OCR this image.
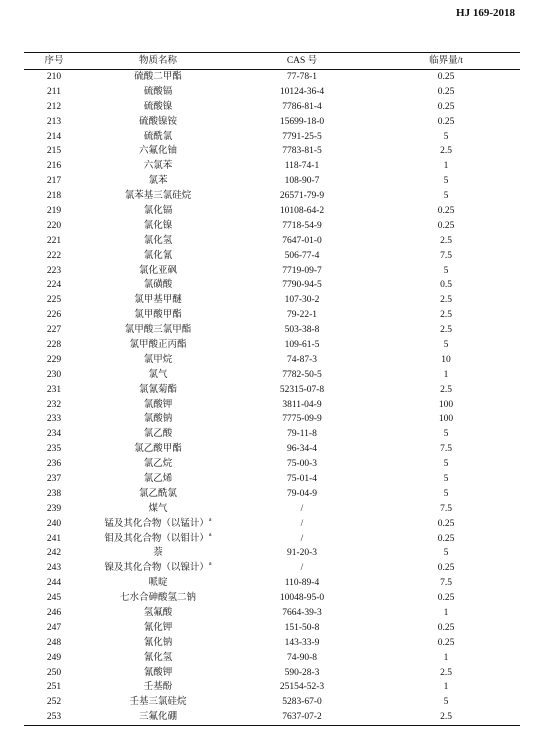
HJ 169-2018
序号	物质名称	CAS 号	临界量/t
210	硫酸二甲酯	77-78-1	0.25
211	硫酸镉	10124-36-4	0.25
212	硫酸镍	7786-81-4	0.25
213	硫酸镍铵	15699-18-0	0.25
214	硫酰氯	7791-25-5	5
215	六氟化铀	7783-81-5	2.5
216	六氯苯	118-74-1	1
217	氯苯	108-90-7	5
218	氯苯基三氯硅烷	26571-79-9	5
219	氯化镉	10108-64-2	0.25
220	氯化镍	7718-54-9	0.25
221	氯化氢	7647-01-0	2.5
222	氯化氰	506-77-4	7.5
223	氯化亚砜	7719-09-7	5
224	氯磺酸	7790-94-5	0.5
225	氯甲基甲醚	107-30-2	2.5
226	氯甲酸甲酯	79-22-1	2.5
227	氯甲酸三氯甲酯	503-38-8	2.5
228	氯甲酸正丙酯	109-61-5	5
229	氯甲烷	74-87-3	10
230	氯气	7782-50-5	1
231	氯氰菊酯	52315-07-8	2.5
232	氯酸钾	3811-04-9	100
233	氯酸钠	7775-09-9	100
234	氯乙酸	79-11-8	5
235	氯乙酸甲酯	96-34-4	7.5
236	氯乙烷	75-00-3	5
237	氯乙烯	75-01-4	5
238	氯乙酰氯	79-04-9	5
239	煤气	/	7.5
240	锰及其化合物（以锰计）$^a$	/	0.25
241	钼及其化合物（以钼计）$^a$	/	0.25
242	萘	91-20-3	5
243	镍及其化合物（以镍计）$^a$	/	0.25
244	哌啶	110-89-4	7.5
245	七水合砷酸氢二钠	10048-95-0	0.25
246	氢氟酸	7664-39-3	1
247	氰化钾	151-50-8	0.25
248	氰化钠	143-33-9	0.25
249	氰化氢	74-90-8	1
250	氰酸钾	590-28-3	2.5
251	壬基酚	25154-52-3	1
252	壬基三氯硅烷	5283-67-0	5
253	三氟化硼	7637-07-2	2.5
